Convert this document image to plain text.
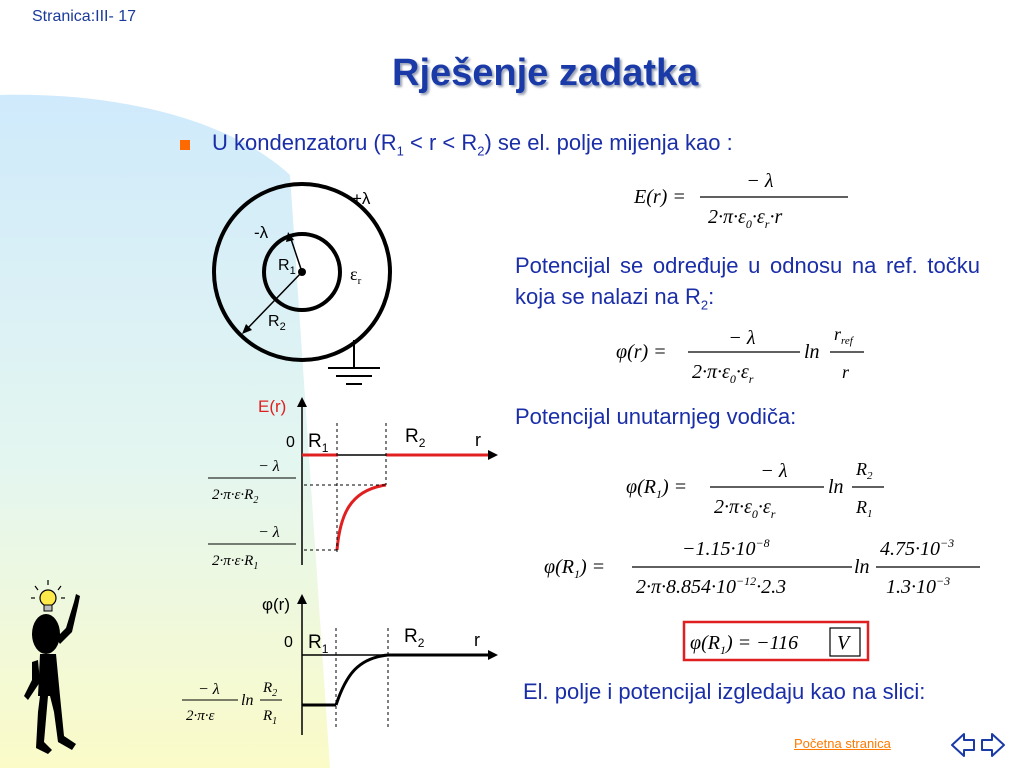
Stranica:III- 17
Rješenje zadatka
U kondenzatoru $(R_1 < r < R_2)$ se el. polje mijenja kao :
E(r) =
− λ
$2\cdot\pi\cdot\varepsilon_0\cdot\varepsilon_r\cdot r$
+λ
-λ
$R_1$
$R_2$
$\varepsilon_r$
Potencijal se određuje u odnosu na ref. točku koja se nalazi na $R_2$:
φ(r) =
− λ
$2\cdot\pi\cdot\varepsilon_0\cdot\varepsilon_r$
ln
$r_{ref}$
r
Potencijal unutarnjeg vodiča:
$\varphi(R_1)$ =
− λ
$2\cdot\pi\cdot\varepsilon_0\cdot\varepsilon_r$
ln
$R_2$
$R_1$
$\varphi(R_1)$ =
$-1.15\cdot 10^{-8}$
$2\cdot\pi\cdot 8.854\cdot 10^{-12}\cdot 2.3$
ln
$4.75\cdot 10^{-3}$
$1.3\cdot 10^{-3}$
$\varphi(R_1) = -116$ V
E(r)
0 $R_1$
$R_2$	r
− λ
$2\cdot\pi\cdot\varepsilon\cdot R_2$
− λ
$2\cdot\pi\cdot\varepsilon\cdot R_1$
φ(r)
0 $R_1$
$R_2$	r
− λ
2·π·ε
ln
$R_2$
$R_1$
El. polje i potencijal izgledaju kao na slici:
Početna stranica
